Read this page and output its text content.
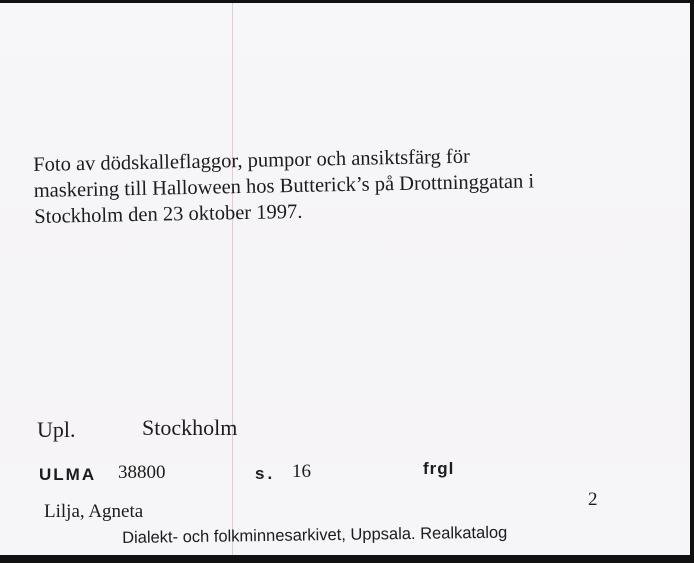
Foto av dödskalleflaggor, pumpor och ansiktsfärg för
maskering till Halloween hos Butterick’s på Drottninggatan i
Stockholm den 23 oktober 1997.
Upl.	Stockholm
ULMA 38800	s. 16	frgl
2
Lilja, Agneta
Dialekt- och folkminnesarkivet, Uppsala. Realkatalog
